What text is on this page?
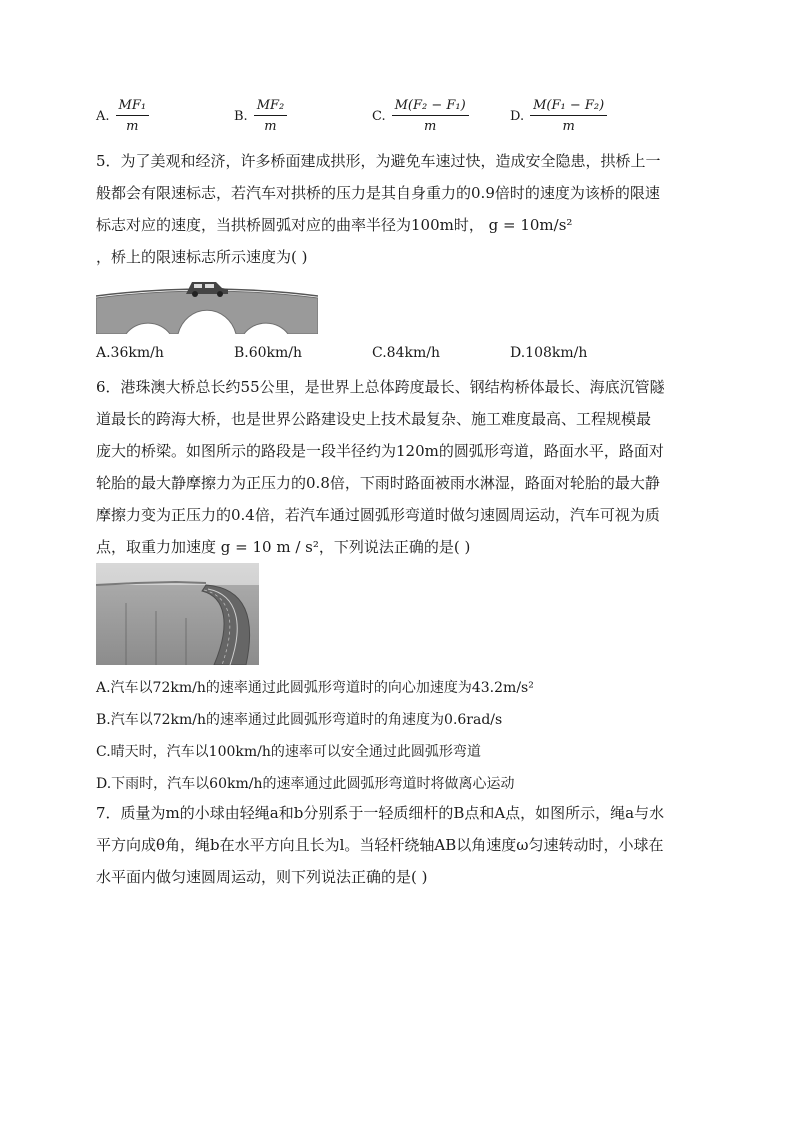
A. $\frac{\text{MF₁}}{m}$	B. $\frac{\text{MF₂}}{m}$	C. $\frac{\text{M(F₂ − F₁)}}{m}$	D. $\frac{\text{M(F₁ − F₂)}}{m}$
5．为了美观和经济，许多桥面建成拱形，为避免车速过快，造成安全隐患，拱桥上一
般都会有限速标志，若汽车对拱桥的压力是其自身重力的0.9倍时的速度为该桥的限速
标志对应的速度，当拱桥圆弧对应的曲率半径为100m时， g = 10m/s²
，桥上的限速标志所示速度为( )
A.36km/h	B.60km/h	C.84km/h	D.108km/h
6．港珠澳大桥总长约55公里，是世界上总体跨度最长、钢结构桥体最长、海底沉管隧
道最长的跨海大桥，也是世界公路建设史上技术最复杂、施工难度最高、工程规模最
庞大的桥梁。如图所示的路段是一段半径约为120m的圆弧形弯道，路面水平，路面对
轮胎的最大静摩擦力为正压力的0.8倍，下雨时路面被雨水淋湿，路面对轮胎的最大静
摩擦力变为正压力的0.4倍，若汽车通过圆弧形弯道时做匀速圆周运动，汽车可视为质
点，取重力加速度 g = 10 m / s²，下列说法正确的是( )
A.汽车以72km/h的速率通过此圆弧形弯道时的向心加速度为43.2m/s²
B.汽车以72km/h的速率通过此圆弧形弯道时的角速度为0.6rad/s
C.晴天时，汽车以100km/h的速率可以安全通过此圆弧形弯道
D.下雨时，汽车以60km/h的速率通过此圆弧形弯道时将做离心运动
7．质量为m的小球由轻绳a和b分别系于一轻质细杆的B点和A点，如图所示，绳a与水
平方向成θ角，绳b在水平方向且长为l。当轻杆绕轴AB以角速度ω匀速转动时，小球在
水平面内做匀速圆周运动，则下列说法正确的是( )
